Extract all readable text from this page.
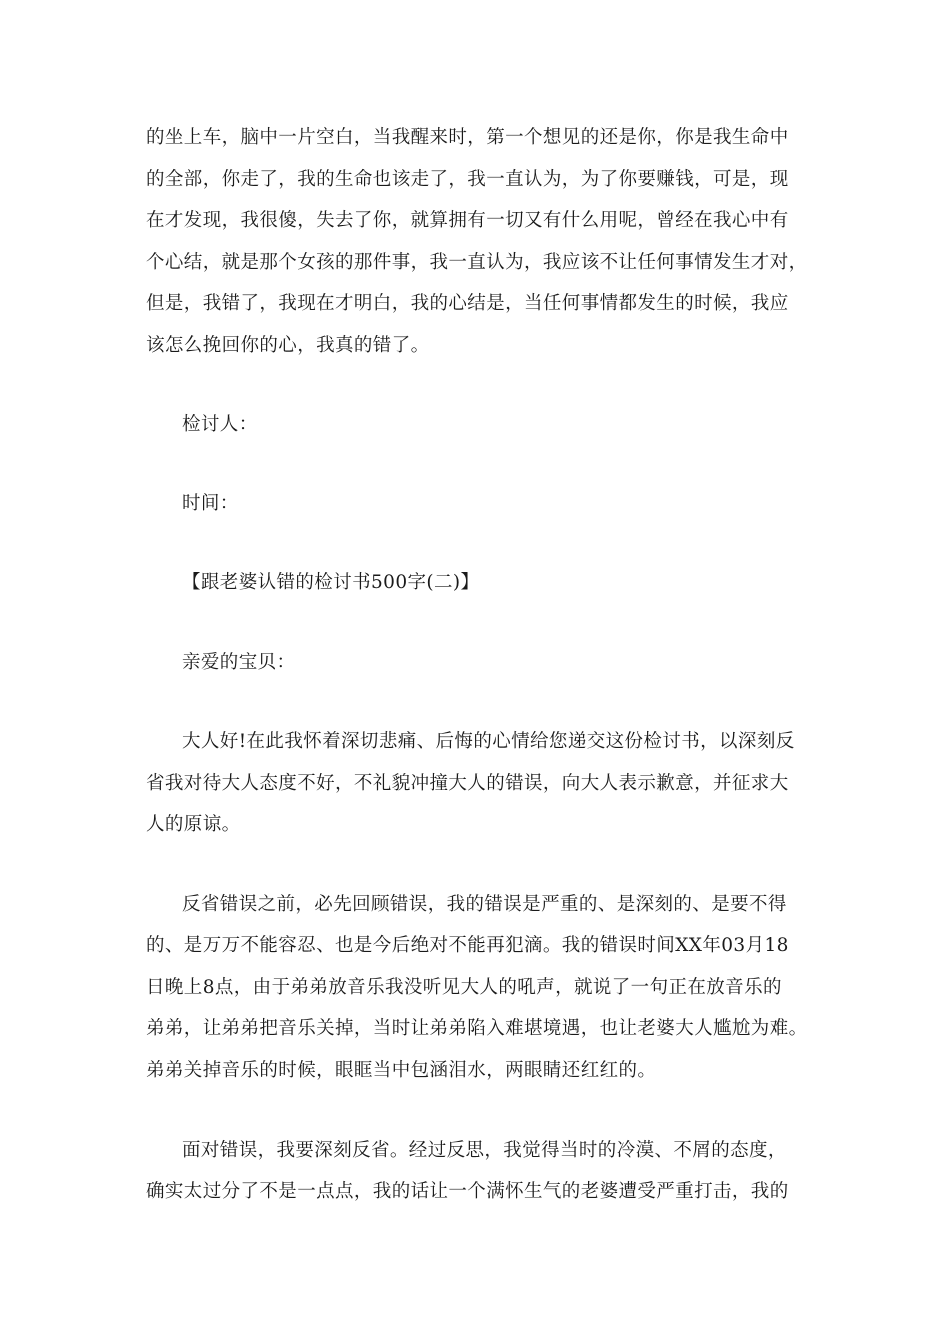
的坐上车，脑中一片空白，当我醒来时，第一个想见的还是你，你是我生命中
的全部，你走了，我的生命也该走了，我一直认为，为了你要赚钱，可是，现
在才发现，我很傻，失去了你，就算拥有一切又有什么用呢，曾经在我心中有
个心结，就是那个女孩的那件事，我一直认为，我应该不让任何事情发生才对，
但是，我错了，我现在才明白，我的心结是，当任何事情都发生的时候，我应
该怎么挽回你的心，我真的错了。
检讨人：
时间：
【跟老婆认错的检讨书500字(二)】
亲爱的宝贝：
大人好!在此我怀着深切悲痛、后悔的心情给您递交这份检讨书，以深刻反
省我对待大人态度不好，不礼貌冲撞大人的错误，向大人表示歉意，并征求大
人的原谅。
反省错误之前，必先回顾错误，我的错误是严重的、是深刻的、是要不得
的、是万万不能容忍、也是今后绝对不能再犯滴。我的错误时间XX年03月18
日晚上8点，由于弟弟放音乐我没听见大人的吼声，就说了一句正在放音乐的
弟弟，让弟弟把音乐关掉，当时让弟弟陷入难堪境遇，也让老婆大人尴尬为难。
弟弟关掉音乐的时候，眼眶当中包涵泪水，两眼睛还红红的。
面对错误，我要深刻反省。经过反思，我觉得当时的冷漠、不屑的态度，
确实太过分了不是一点点，我的话让一个满怀生气的老婆遭受严重打击，我的
